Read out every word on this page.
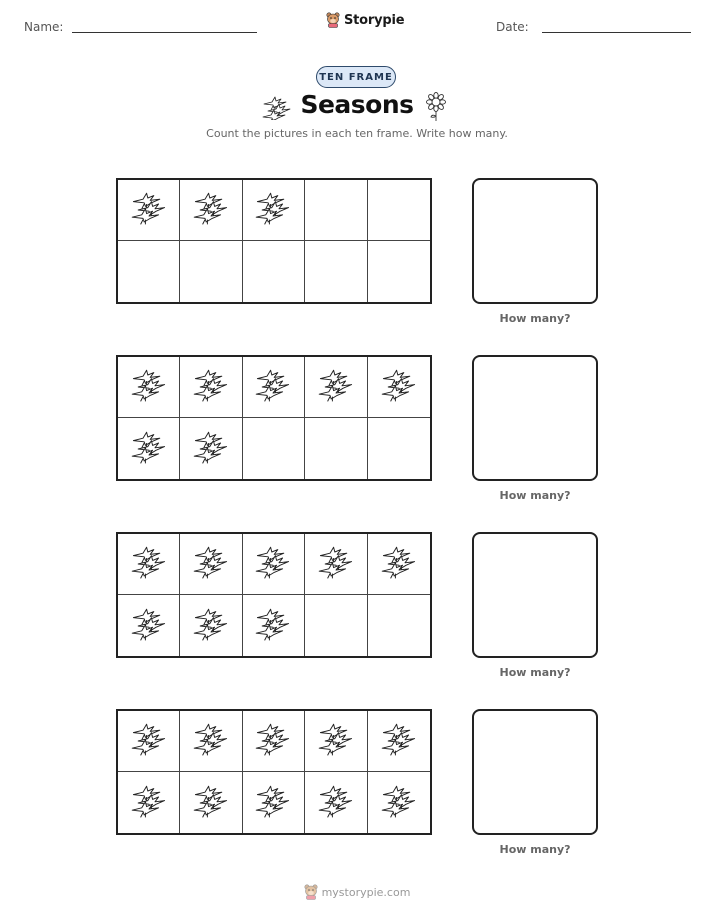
Name:	Storypie	Date:
TEN FRAME
Seasons
Count the pictures in each ten frame. Write how many.
How many?
How many?
How many?
How many?
mystorypie.com
